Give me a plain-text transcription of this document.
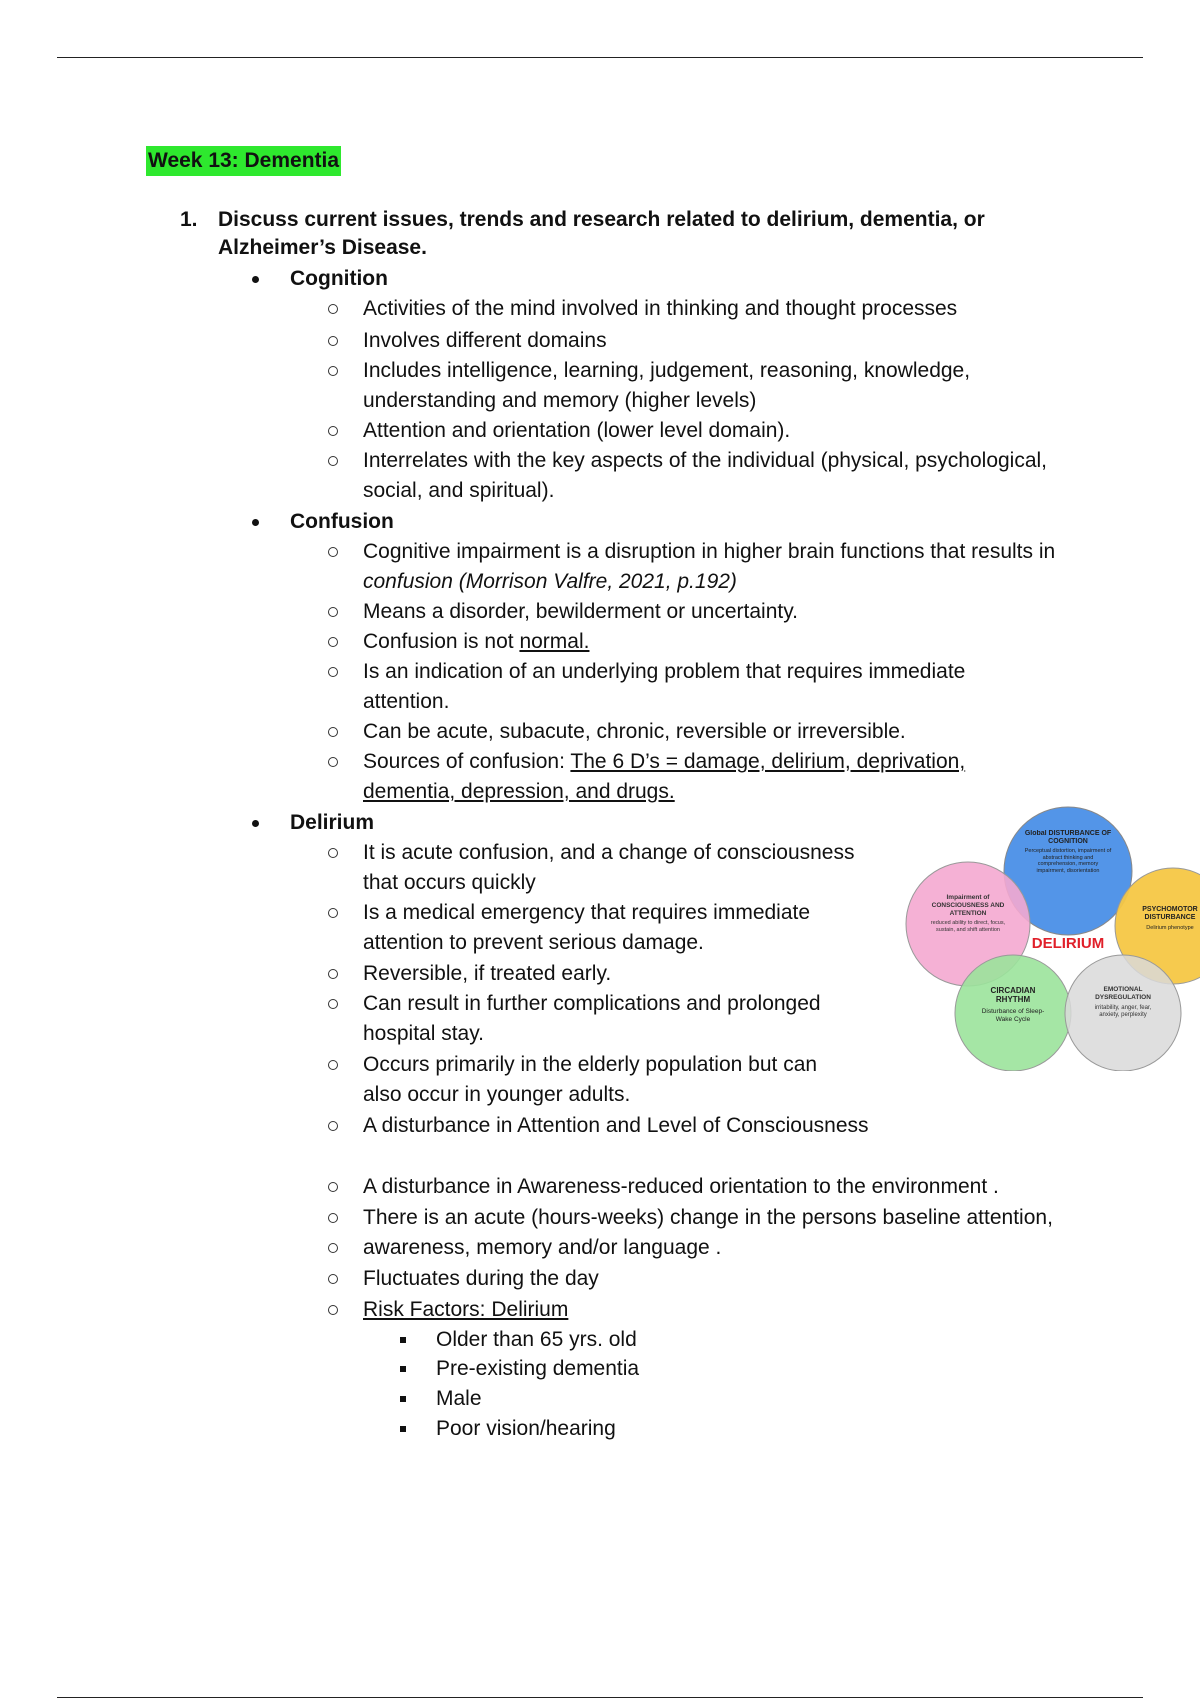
Week 13: Dementia
1. Discuss current issues, trends and research related to delirium, dementia, or Alzheimer’s Disease.
Cognition
Activities of the mind involved in thinking and thought processes
Involves different domains
Includes intelligence, learning, judgement, reasoning, knowledge, understanding and memory (higher levels)
Attention and orientation (lower level domain).
Interrelates with the key aspects of the individual (physical, psychological, social, and spiritual).
Confusion
Cognitive impairment is a disruption in higher brain functions that results in confusion (Morrison Valfre, 2021, p.192)
Means a disorder, bewilderment or uncertainty.
Confusion is not normal.
Is an indication of an underlying problem that requires immediate attention.
Can be acute, subacute, chronic, reversible or irreversible.
Sources of confusion: The 6 D’s = damage, delirium, deprivation,
dementia, depression, and drugs.
Delirium
It is acute confusion, and a change of consciousness that occurs quickly
Is a medical emergency that requires immediate attention to prevent serious damage.
Reversible, if treated early.
Can result in further complications and prolonged hospital stay.
Occurs primarily in the elderly population but can also occur in younger adults.
A disturbance in Attention and Level of Consciousness
A disturbance in Awareness-reduced orientation to the environment .
There is an acute (hours-weeks) change in the persons baseline attention,
awareness, memory and/or language .
Fluctuates during the day
Risk Factors: Delirium
Older than 65 yrs. old
Pre-existing dementia
Male
Poor vision/hearing
DELIRIUM
Global DISTURBANCE OF COGNITION
Perceptual distortion, impairment of abstract thinking and comprehension, memory impairment, disorientation
Impairment of CONSCIOUSNESS AND ATTENTION
reduced ability to direct, focus, sustain, and shift attention
PSYCHOMOTOR DISTURBANCE
Delirium phenotype
CIRCADIAN RHYTHM
Disturbance of Sleep-Wake Cycle
EMOTIONAL DYSREGULATION
irritability, anger, fear, anxiety, perplexity
